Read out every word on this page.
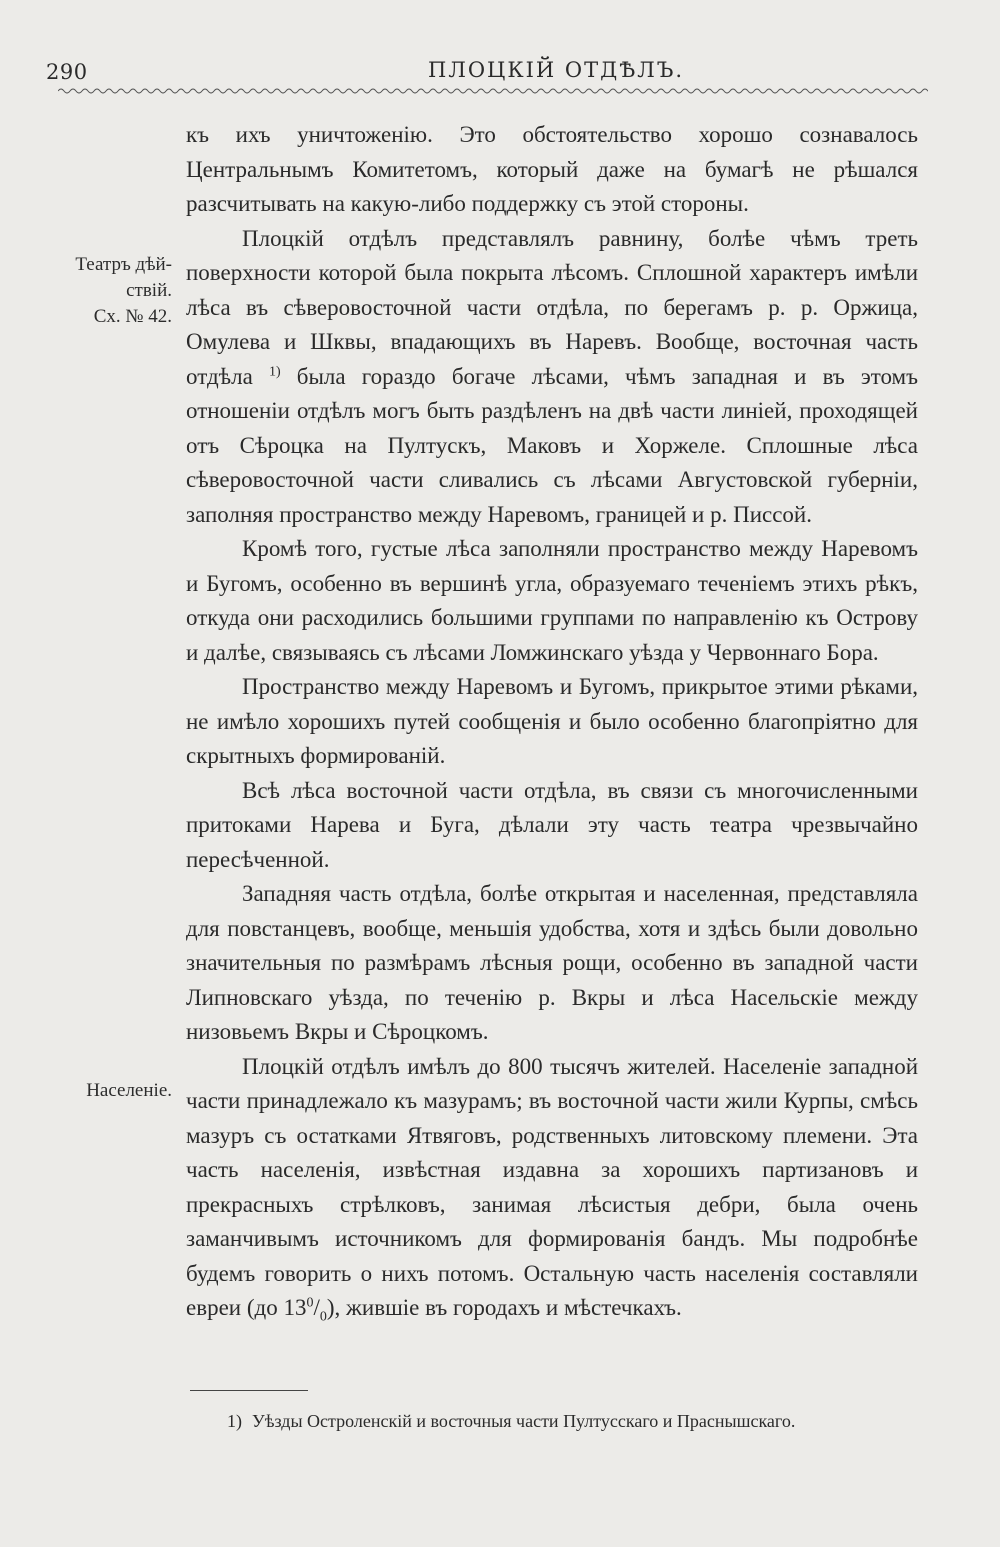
290	ПЛОЦКІЙ ОТДѢЛЪ.
Театръ дѣй-
ствій.
Сх. № 42.
Населеніе.

къ ихъ уничтоженію. Это обстоятельство хорошо сознавалось Центральнымъ Комитетомъ, который даже на бумагѣ не рѣшался разсчитывать на какую-либо поддержку съ этой стороны.

Плоцкій отдѣлъ представлялъ равнину, болѣе чѣмъ треть поверхности которой была покрыта лѣсомъ. Сплошной характеръ имѣли лѣса въ сѣверовосточной части отдѣла, по берегамъ р. р. Оржица, Омулева и Шквы, впадающихъ въ Наревъ. Вообще, восточная часть отдѣла $^{1)}$ была гораздо богаче лѣсами, чѣмъ западная и въ этомъ отношеніи отдѣлъ могъ быть раздѣленъ на двѣ части линіей, проходящей отъ Сѣроцка на Пултускъ, Маковъ и Хоржеле. Сплошные лѣса сѣверовосточной части сливались съ лѣсами Августовской губерніи, заполняя пространство между Наревомъ, границей и р. Писсой.

Кромѣ того, густые лѣса заполняли пространство между Наревомъ и Бугомъ, особенно въ вершинѣ угла, образуемаго теченіемъ этихъ рѣкъ, откуда они расходились большими группами по направленію къ Острову и далѣе, связываясь съ лѣсами Ломжинскаго уѣзда у Червоннаго Бора.

Пространство между Наревомъ и Бугомъ, прикрытое этими рѣками, не имѣло хорошихъ путей сообщенія и было особенно благопріятно для скрытныхъ формированій.

Всѣ лѣса восточной части отдѣла, въ связи съ многочисленными притоками Нарева и Буга, дѣлали эту часть театра чрезвычайно пересѣченной.

Западняя часть отдѣла, болѣе открытая и населенная, представляла для повстанцевъ, вообще, меньшія удобства, хотя и здѣсь были довольно значительныя по размѣрамъ лѣсныя рощи, особенно въ западной части Липновскаго уѣзда, по теченію р. Вкры и лѣса Насельскіе между низовьемъ Вкры и Сѣроцкомъ.

Плоцкій отдѣлъ имѣлъ до 800 тысячъ жителей. Населеніе западной части принадлежало къ мазурамъ; въ восточной части жили Курпы, смѣсь мазуръ съ остатками Ятвяговъ, родственныхъ литовскому племени. Эта часть населенія, извѣстная издавна за хорошихъ партизановъ и прекрасныхъ стрѣлковъ, занимая лѣсистыя дебри, была очень заманчивымъ источникомъ для формированія бандъ. Мы подробнѣе будемъ говорить о нихъ потомъ. Остальную часть населенія составляли евреи (до $13^0/_0$), жившіе въ городахъ и мѣстечкахъ.

1) Уѣзды Остроленскій и восточныя части Пултусскаго и Праснышскаго.
